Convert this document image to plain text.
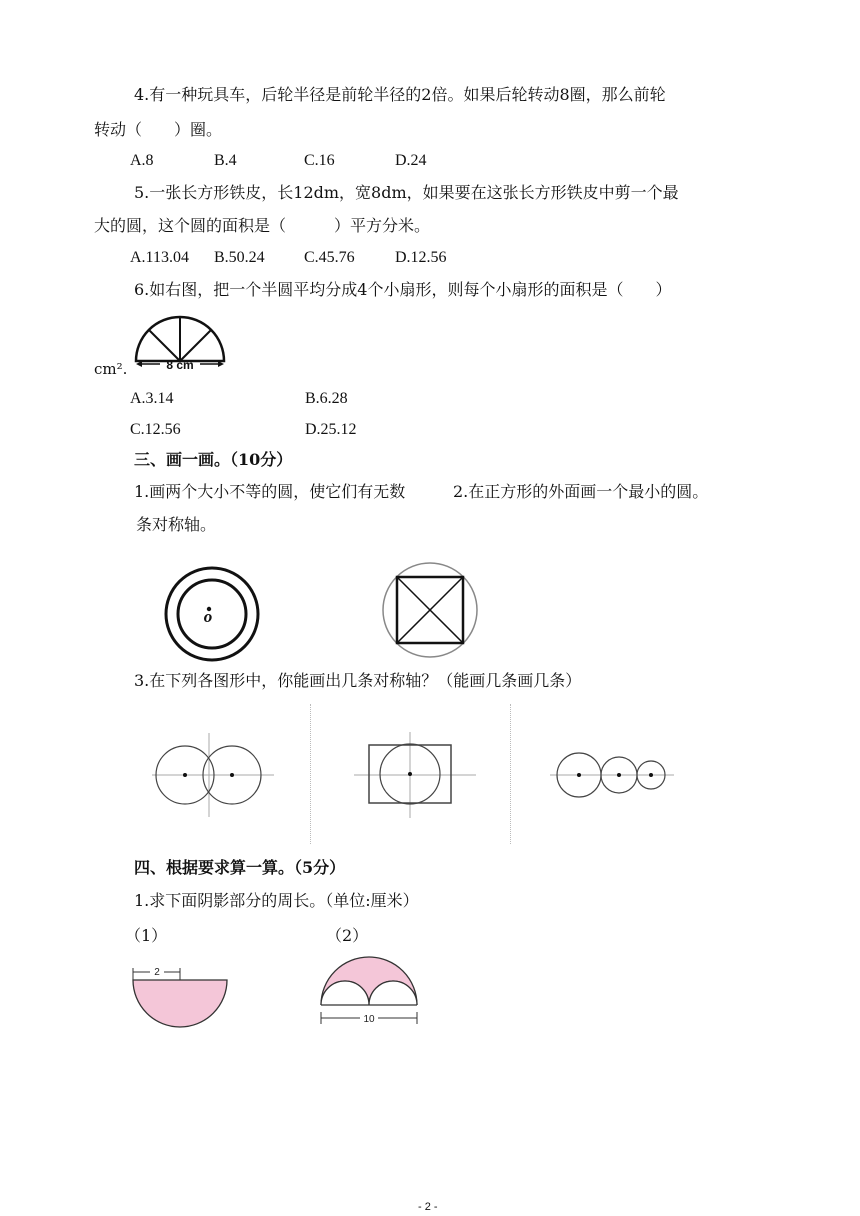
4.有一种玩具车，后轮半径是前轮半径的2倍。如果后轮转动8圈，那么前轮
转动（　　）圈。
A.8	B.4	C.16	D.24
5.一张长方形铁皮，长12dm，宽8dm，如果要在这张长方形铁皮中剪一个最
大的圆，这个圆的面积是（　　　）平方分米。
A.113.04 B.50.24 C.45.76	D.12.56
6.如右图，把一个半圆平均分成4个小扇形，则每个小扇形的面积是（　　）
8 cm
cm².
A.3.14	B.6.28
C.12.56	D.25.12
三、画一画。（10分）
1.画两个大小不等的圆，使它们有无数	2.在正方形的外面画一个最小的圆。
条对称轴。
o
3.在下列各图形中，你能画出几条对称轴？（能画几条画几条）
四、根据要求算一算。（5分）
1.求下面阴影部分的周长。（单位:厘米）
（1）	（2）
2
10
- 2 -
